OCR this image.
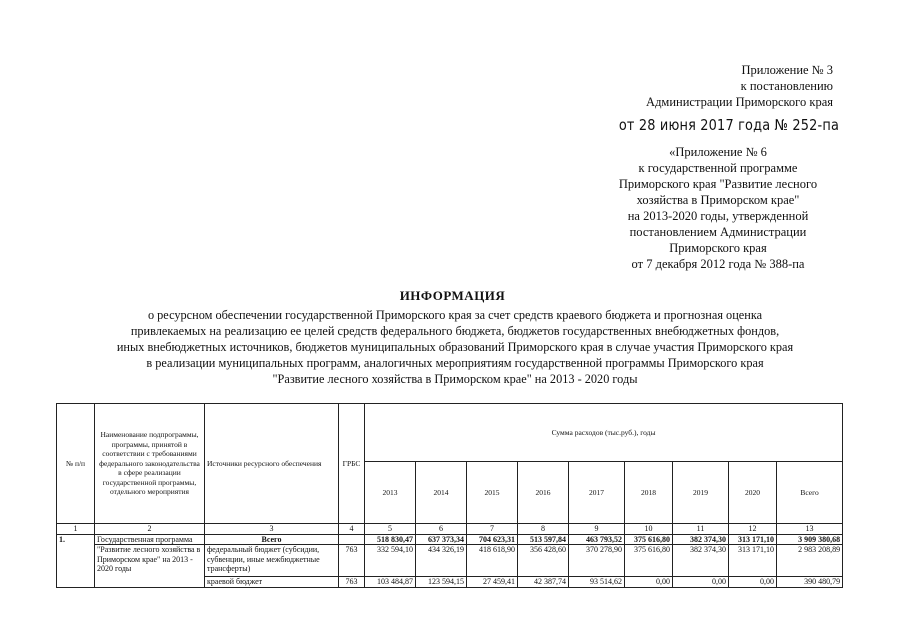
Приложение № 3
к постановлению
Администрации Приморского края
от 28 июня 2017 года № 252-па
«Приложение № 6
к государственной программе
Приморского края "Развитие лесного
хозяйства в Приморском крае"
на 2013-2020 годы, утвержденной
постановлением Администрации
Приморского края
от 7 декабря 2012 года № 388-па
ИНФОРМАЦИЯ
о ресурсном обеспечении государственной Приморского края за счет средств краевого бюджета и прогнозная оценка
привлекаемых на реализацию ее целей средств федерального бюджета, бюджетов государственных внебюджетных фондов,
иных внебюджетных источников, бюджетов муниципальных образований Приморского края в случае участия Приморского края
в реализации муниципальных программ, аналогичных мероприятиям государственной программы Приморского края
"Развитие лесного хозяйства в Приморском крае" на 2013 - 2020 годы
№ п/п	Наименование подпрограммы, программы, принятой в соответствии с требованиями федерального законодательства в сфере реализации государственной программы, отдельного мероприятия	Источники ресурсного обеспечения	ГРБС	Сумма расходов (тыс.руб.), годы								
				2013	2014	2015	2016	2017	2018	2019	2020	Всего
1	2	3	4	5	6	7	8	9	10	11	12	13
1.	Государственная программа	Всего		518 830,47	637 373,34	704 623,31	513 597,84	463 793,52	375 616,80	382 374,30	313 171,10	3 909 380,68
	"Развитие лесного хозяйства в Приморском крае" на 2013 - 2020 годы	федеральный бюджет (субсидии, субвенции, иные межбюджетные трансферты)	763	332 594,10	434 326,19	418 618,90	356 428,60	370 278,90	375 616,80	382 374,30	313 171,10	2 983 208,89
		краевой бюджет	763	103 484,87	123 594,15	27 459,41	42 387,74	93 514,62	0,00	0,00	0,00	390 480,79
